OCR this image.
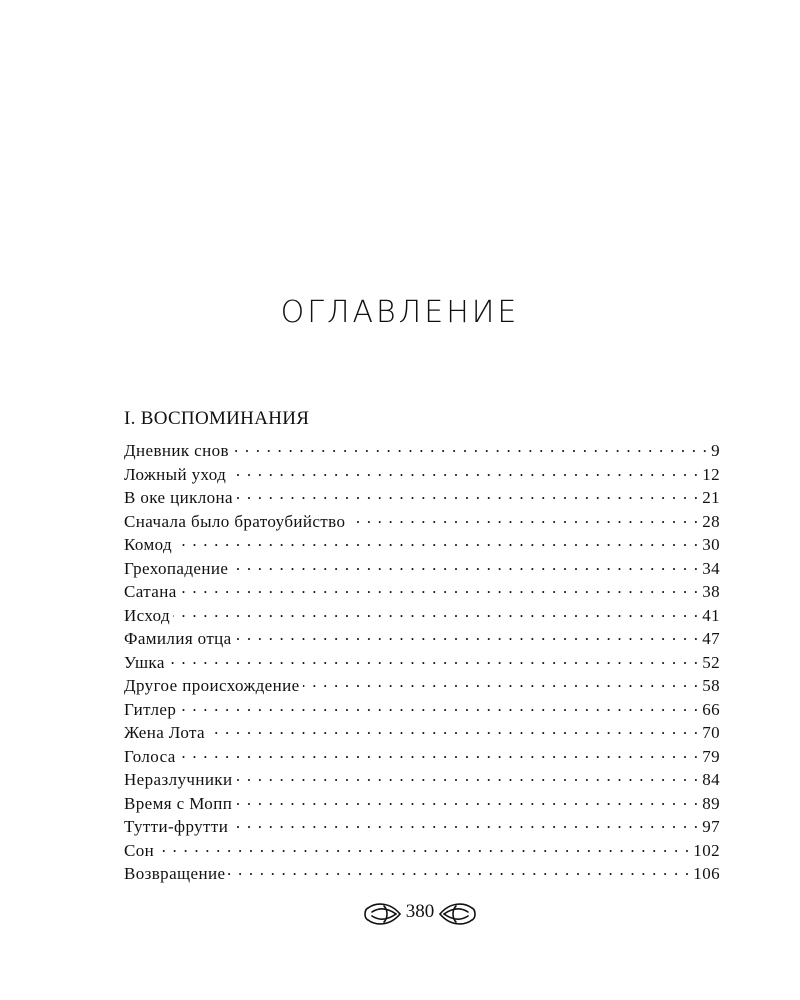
ОГЛАВЛЕНИЕ
I. ВОСПОМИНАНИЯ
Дневник снов . . .	9
Ложный уход . . .	12
В оке циклона . . .	21
Сначала было братоубийство . . .	28
Комод . . .	30
Грехопадение . . .	34
Сатана . . .	38
Исход . . .	41
Фамилия отца . . .	47
Ушка . . .	52
Другое происхождение . . .	58
Гитлер . . .	66
Жена Лота . . .	70
Голоса . . .	79
Неразлучники . . .	84
Время с Мопп . . .	89
Тутти-фрутти . . .	97
Сон . . .	102
Возвращение . . .	106
380
